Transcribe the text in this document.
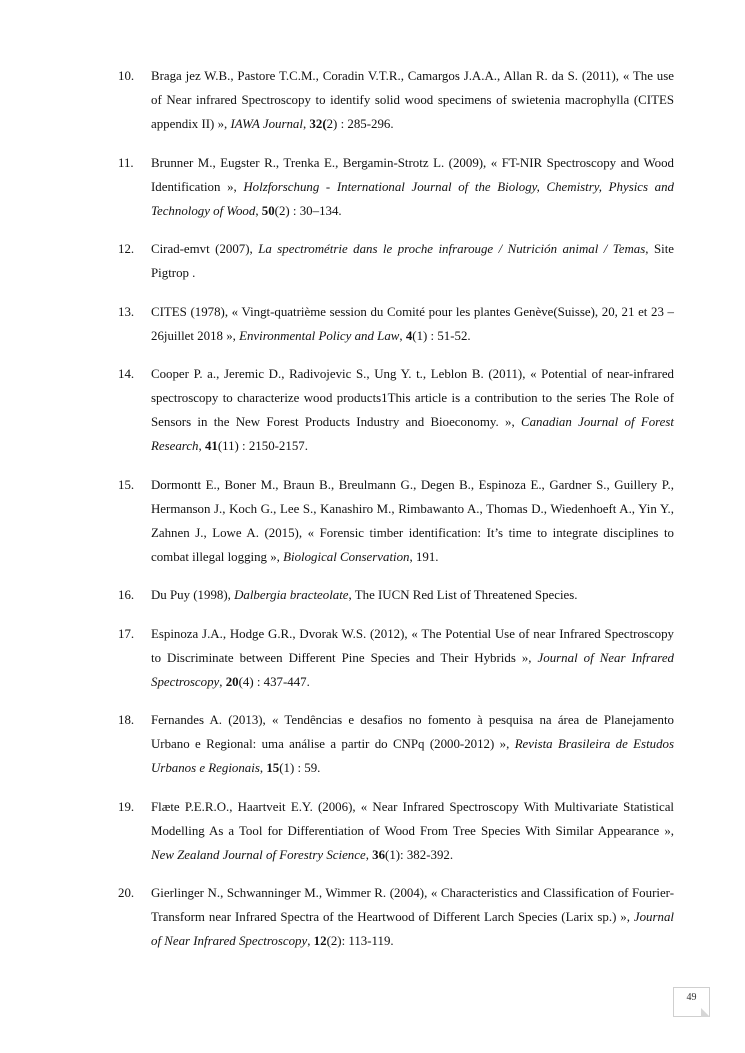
10.	Braga jez W.B., Pastore T.C.M., Coradin V.T.R., Camargos J.A.A., Allan R. da S. (2011), « The use of Near infrared Spectroscopy to identify solid wood specimens of swietenia macrophylla (CITES appendix II) », IAWA Journal, 32(2) : 285-296.
11.	Brunner M., Eugster R., Trenka E., Bergamin-Strotz L. (2009), « FT-NIR Spectroscopy and Wood Identification », Holzforschung - International Journal of the Biology, Chemistry, Physics and Technology of Wood, 50(2) : 30–134.
12.	Cirad-emvt (2007), La spectrométrie dans le proche infrarouge / Nutrición animal / Temas, Site Pigtrop .
13.	CITES (1978), « Vingt-quatrième session du Comité pour les plantes Genève(Suisse), 20, 21 et 23 – 26juillet 2018 », Environmental Policy and Law, 4(1) : 51-52.
14.	Cooper P. a., Jeremic D., Radivojevic S., Ung Y. t., Leblon B. (2011), « Potential of near-infrared spectroscopy to characterize wood products1This article is a contribution to the series The Role of Sensors in the New Forest Products Industry and Bioeconomy. », Canadian Journal of Forest Research, 41(11) : 2150-2157.
15.	Dormontt E., Boner M., Braun B., Breulmann G., Degen B., Espinoza E., Gardner S., Guillery P., Hermanson J., Koch G., Lee S., Kanashiro M., Rimbawanto A., Thomas D., Wiedenhoeft A., Yin Y., Zahnen J., Lowe A. (2015), « Forensic timber identification: It’s time to integrate disciplines to combat illegal logging », Biological Conservation, 191.
16.	Du Puy (1998), Dalbergia bracteolate, The IUCN Red List of Threatened Species.
17.	Espinoza J.A., Hodge G.R., Dvorak W.S. (2012), « The Potential Use of near Infrared Spectroscopy to Discriminate between Different Pine Species and Their Hybrids », Journal of Near Infrared Spectroscopy, 20(4) : 437-447.
18.	Fernandes A. (2013), « Tendências e desafios no fomento à pesquisa na área de Planejamento Urbano e Regional: uma análise a partir do CNPq (2000-2012) », Revista Brasileira de Estudos Urbanos e Regionais, 15(1) : 59.
19.	Flæte P.E.R.O., Haartveit E.Y. (2006), « Near Infrared Spectroscopy With Multivariate Statistical Modelling As a Tool for Differentiation of Wood From Tree Species With Similar Appearance », New Zealand Journal of Forestry Science, 36(1): 382-392.
20.	Gierlinger N., Schwanninger M., Wimmer R. (2004), « Characteristics and Classification of Fourier-Transform near Infrared Spectra of the Heartwood of Different Larch Species (Larix sp.) », Journal of Near Infrared Spectroscopy, 12(2): 113-119.
49
